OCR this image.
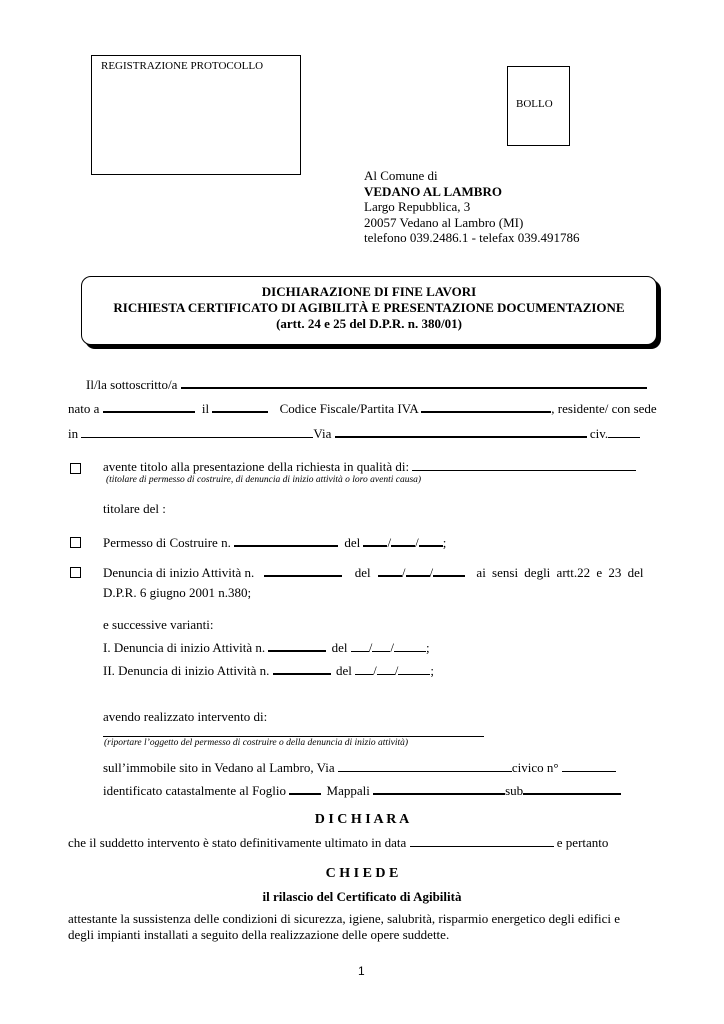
REGISTRAZIONE PROTOCOLLO
BOLLO
Al Comune di
VEDANO AL LAMBRO
Largo Repubblica, 3
20057 Vedano al Lambro (MI)
telefono 039.2486.1 - telefax 039.491786
DICHIARAZIONE DI FINE LAVORI
RICHIESTA CERTIFICATO DI AGIBILITÀ E PRESENTAZIONE DOCUMENTAZIONE
(artt. 24 e 25 del D.P.R. n. 380/01)
Il/la sottoscritto/a
nato a	il	Codice Fiscale/Partita IVA	, residente/ con sede
in	Via	civ.
avente titolo alla presentazione della richiesta in qualità di:
(titolare di permesso di costruire, di denuncia di inizio attività o loro aventi causa)
titolare del :
Permesso di Costruire n.	del / / ;
Denuncia di inizio Attività n.	del / /	ai sensi degli artt.22 e 23 del
D.P.R. 6 giugno 2001 n.380;
e successive varianti:
I. Denuncia di inizio Attività n.	del / / ;
II. Denuncia di inizio Attività n.	del / / ;
avendo realizzato intervento di:
(riportare l’oggetto del permesso di costruire o della denuncia di inizio attività)
sull’immobile sito in Vedano al Lambro, Via	civico n°
identificato catastalmente al Foglio	Mappali	sub
D I C H I A R A
che il suddetto intervento è stato definitivamente ultimato in data	e pertanto
C H I E D E
il rilascio del Certificato di Agibilità
attestante la sussistenza delle condizioni di sicurezza, igiene, salubrità, risparmio energetico degli edifici e
degli impianti installati a seguito della realizzazione delle opere suddette.
1
